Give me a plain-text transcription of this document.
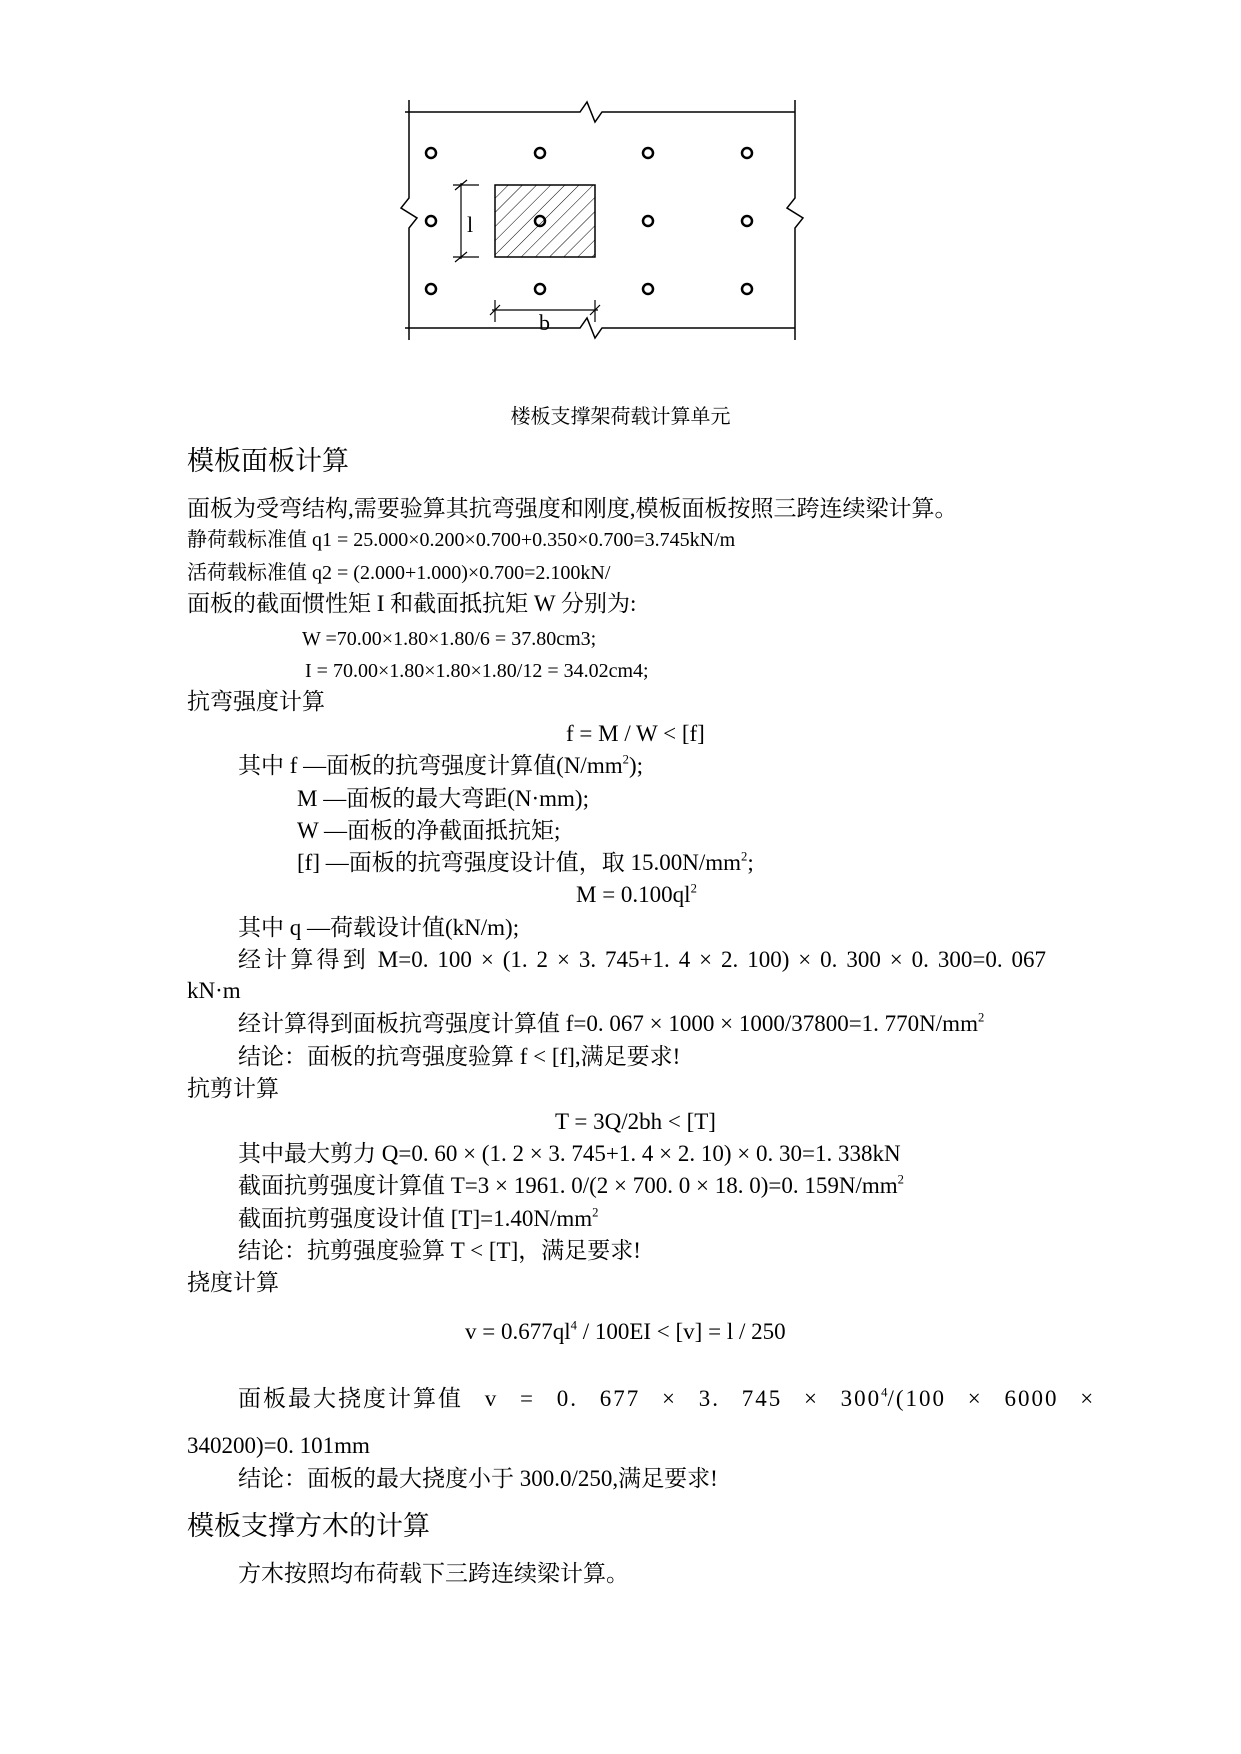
l
b
楼板支撑架荷载计算单元
模板面板计算
面板为受弯结构,需要验算其抗弯强度和刚度,模板面板按照三跨连续梁计算。
静荷载标准值 q1 = 25.000×0.200×0.700+0.350×0.700=3.745kN/m
活荷载标准值 q2 = (2.000+1.000)×0.700=2.100kN/
面板的截面惯性矩 I 和截面抵抗矩 W 分别为:
W =70.00×1.80×1.80/6 = 37.80cm3;
I = 70.00×1.80×1.80×1.80/12 = 34.02cm4;
抗弯强度计算
f = M / W < [f]
其中 f —面板的抗弯强度计算值$(N/mm^2)$;
M —面板的最大弯距(N·mm);
W —面板的净截面抵抗矩;
[f] —面板的抗弯强度设计值，取 $15.00N/mm^2$;
$M = 0.100ql^2$
其中 q —荷载设计值(kN/m);
经计算得到 M=0. 100 × (1. 2 × 3. 745+1. 4 × 2. 100) × 0. 300 × 0. 300=0. 067
kN·m
经计算得到面板抗弯强度计算值 f=0. 067 × 1000 × 1000/37800=1. $770N/mm^2$
结论：面板的抗弯强度验算 f < [f],满足要求!
抗剪计算
T = 3Q/2bh < [T]
其中最大剪力 Q=0. 60 × (1. 2 × 3. 745+1. 4 × 2. 10) × 0. 30=1. 338kN
截面抗剪强度计算值 T=3 × 1961. 0/(2 × 700. 0 × 18. 0)=0. $159N/mm^2$
截面抗剪强度设计值 $[T]=1.40N/mm^2$
结论：抗剪强度验算 T < [T]，满足要求!
挠度计算
$v = 0.677ql^4 / 100EI < [v] = l / 250$
面板最大挠度计算值 v = 0. 677 × 3. $745 \times 300^4/(100 \times 6000$ ×
340200)=0. 101mm
结论：面板的最大挠度小于 300.0/250,满足要求!
模板支撑方木的计算
方木按照均布荷载下三跨连续梁计算。
